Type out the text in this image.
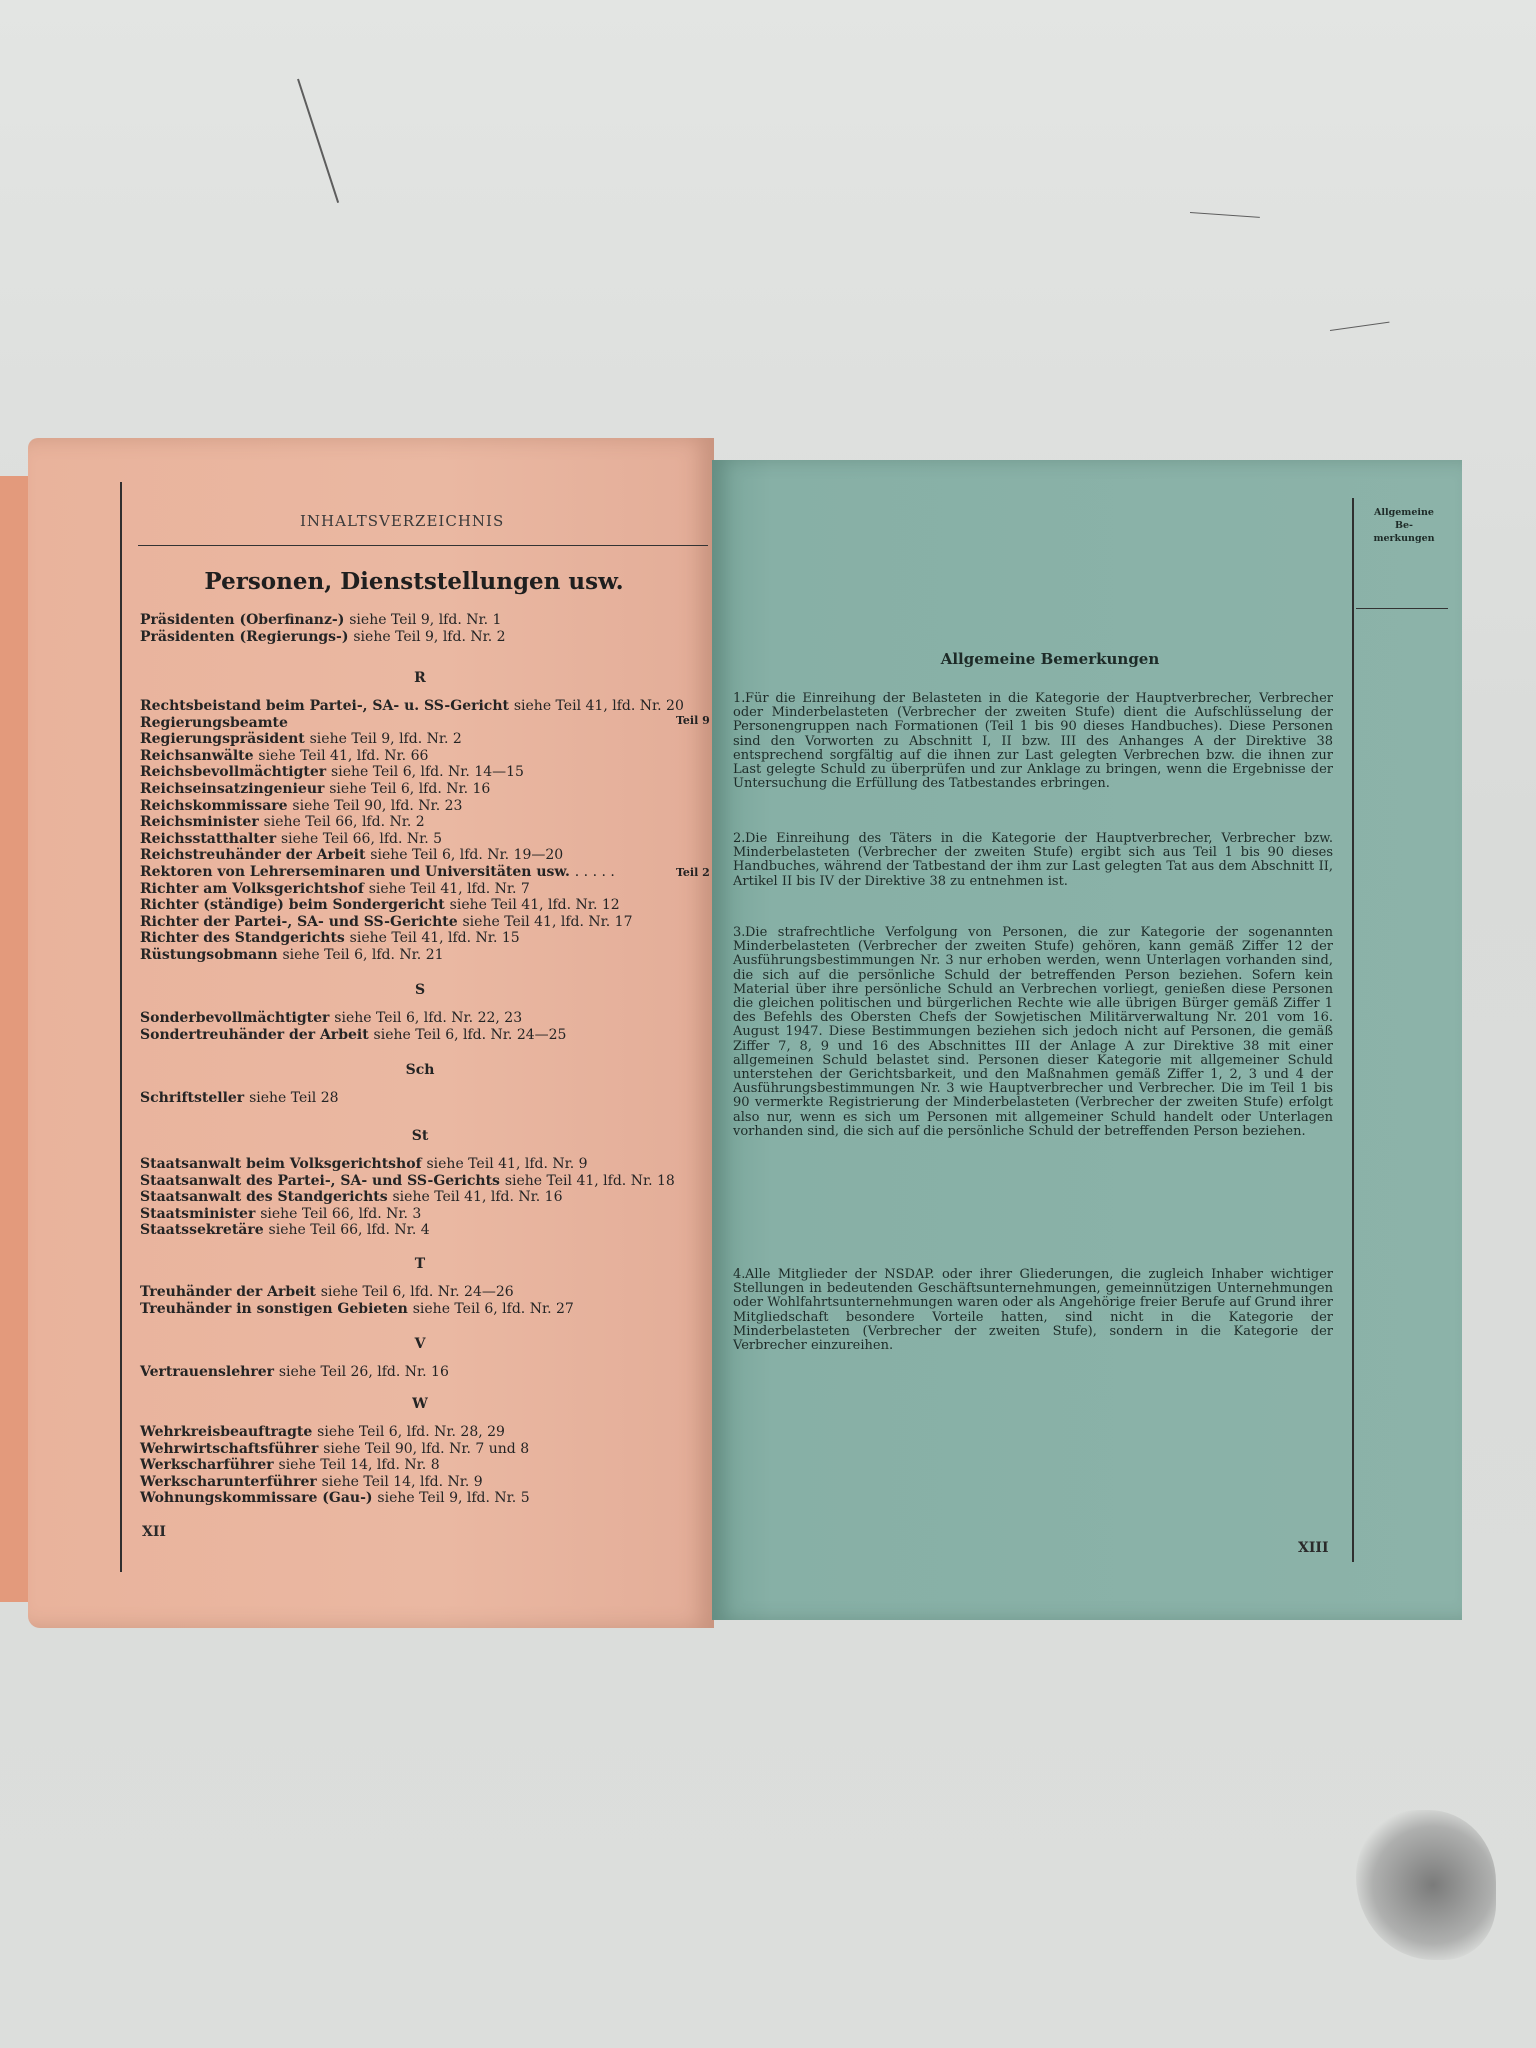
INHALTSVERZEICHNIS
Personen, Dienststellungen usw.
Präsidenten (Oberfinanz-) siehe Teil 9, lfd. Nr. 1
Präsidenten (Regierungs-) siehe Teil 9, lfd. Nr. 2
R
Rechtsbeistand beim Partei-, SA- u. SS-Gericht siehe Teil 41, lfd. Nr. 20
Regierungsbeamte
Regierungspräsident siehe Teil 9, lfd. Nr. 2
Reichsanwälte siehe Teil 41, lfd. Nr. 66
Reichsbevollmächtigter siehe Teil 6, lfd. Nr. 14—15
Reichseinsatzingenieur siehe Teil 6, lfd. Nr. 16
Reichskommissare siehe Teil 90, lfd. Nr. 23
Reichsminister siehe Teil 66, lfd. Nr. 2
Reichsstatthalter siehe Teil 66, lfd. Nr. 5
Reichstreuhänder der Arbeit siehe Teil 6, lfd. Nr. 19—20
Rektoren von Lehrerseminaren und Universitäten usw. . . . . .
Richter am Volksgerichtshof siehe Teil 41, lfd. Nr. 7
Richter (ständige) beim Sondergericht siehe Teil 41, lfd. Nr. 12
Richter der Partei-, SA- und SS-Gerichte siehe Teil 41, lfd. Nr. 17
Richter des Standgerichts siehe Teil 41, lfd. Nr. 15
Rüstungsobmann siehe Teil 6, lfd. Nr. 21
S
Sonderbevollmächtigter siehe Teil 6, lfd. Nr. 22, 23
Sondertreuhänder der Arbeit siehe Teil 6, lfd. Nr. 24—25
Sch
Schriftsteller siehe Teil 28
St
Staatsanwalt beim Volksgerichtshof siehe Teil 41, lfd. Nr. 9
Staatsanwalt des Partei-, SA- und SS-Gerichts siehe Teil 41, lfd. Nr. 18
Staatsanwalt des Standgerichts siehe Teil 41, lfd. Nr. 16
Staatsminister siehe Teil 66, lfd. Nr. 3
Staatssekretäre siehe Teil 66, lfd. Nr. 4
T
Treuhänder der Arbeit siehe Teil 6, lfd. Nr. 24—26
Treuhänder in sonstigen Gebieten siehe Teil 6, lfd. Nr. 27
V
Vertrauenslehrer siehe Teil 26, lfd. Nr. 16
W
Wehrkreisbeauftragte siehe Teil 6, lfd. Nr. 28, 29
Wehrwirtschaftsführer siehe Teil 90, lfd. Nr. 7 und 8
Werkscharführer siehe Teil 14, lfd. Nr. 8
Werkscharunterführer siehe Teil 14, lfd. Nr. 9
Wohnungskommissare (Gau-) siehe Teil 9, lfd. Nr. 5
Teil 9
Teil 2
XII
Allgemeine
Be-
merkungen
Allgemeine Bemerkungen
1.Für die Einreihung der Belasteten in die Kategorie der Hauptverbrecher, Verbrecher oder Minderbelasteten (Verbrecher der zweiten Stufe) dient die Aufschlüsselung der Personengruppen nach Formationen (Teil 1 bis 90 dieses Handbuches). Diese Personen sind den Vorworten zu Abschnitt I, II bzw. III des Anhanges A der Direktive 38 entsprechend sorgfältig auf die ihnen zur Last gelegten Verbrechen bzw. die ihnen zur Last gelegte Schuld zu überprüfen und zur Anklage zu bringen, wenn die Ergebnisse der Untersuchung die Erfüllung des Tatbestandes erbringen.
2.Die Einreihung des Täters in die Kategorie der Hauptverbrecher, Verbrecher bzw. Minderbelasteten (Verbrecher der zweiten Stufe) ergibt sich aus Teil 1 bis 90 dieses Handbuches, während der Tatbestand der ihm zur Last gelegten Tat aus dem Abschnitt II, Artikel II bis IV der Direktive 38 zu entnehmen ist.
3.Die strafrechtliche Verfolgung von Personen, die zur Kategorie der sogenannten Minderbelasteten (Verbrecher der zweiten Stufe) gehören, kann gemäß Ziffer 12 der Ausführungsbestimmungen Nr. 3 nur erhoben werden, wenn Unterlagen vorhanden sind, die sich auf die persönliche Schuld der betreffenden Person beziehen. Sofern kein Material über ihre persönliche Schuld an Verbrechen vorliegt, genießen diese Personen die gleichen politischen und bürgerlichen Rechte wie alle übrigen Bürger gemäß Ziffer 1 des Befehls des Obersten Chefs der Sowjetischen Militärverwaltung Nr. 201 vom 16. August 1947. Diese Bestimmungen beziehen sich jedoch nicht auf Personen, die gemäß Ziffer 7, 8, 9 und 16 des Abschnittes III der Anlage A zur Direktive 38 mit einer allgemeinen Schuld belastet sind. Personen dieser Kategorie mit allgemeiner Schuld unterstehen der Gerichtsbarkeit, und den Maßnahmen gemäß Ziffer 1, 2, 3 und 4 der Ausführungsbestimmungen Nr. 3 wie Hauptverbrecher und Verbrecher. Die im Teil 1 bis 90 vermerkte Registrierung der Minderbelasteten (Verbrecher der zweiten Stufe) erfolgt also nur, wenn es sich um Personen mit allgemeiner Schuld handelt oder Unterlagen vorhanden sind, die sich auf die persönliche Schuld der betreffenden Person beziehen.
4.Alle Mitglieder der NSDAP. oder ihrer Gliederungen, die zugleich Inhaber wichtiger Stellungen in bedeutenden Geschäftsunternehmungen, gemeinnützigen Unternehmungen oder Wohlfahrtsunternehmungen waren oder als Angehörige freier Berufe auf Grund ihrer Mitgliedschaft besondere Vorteile hatten, sind nicht in die Kategorie der Minderbelasteten (Verbrecher der zweiten Stufe), sondern in die Kategorie der Verbrecher einzureihen.
XIII
